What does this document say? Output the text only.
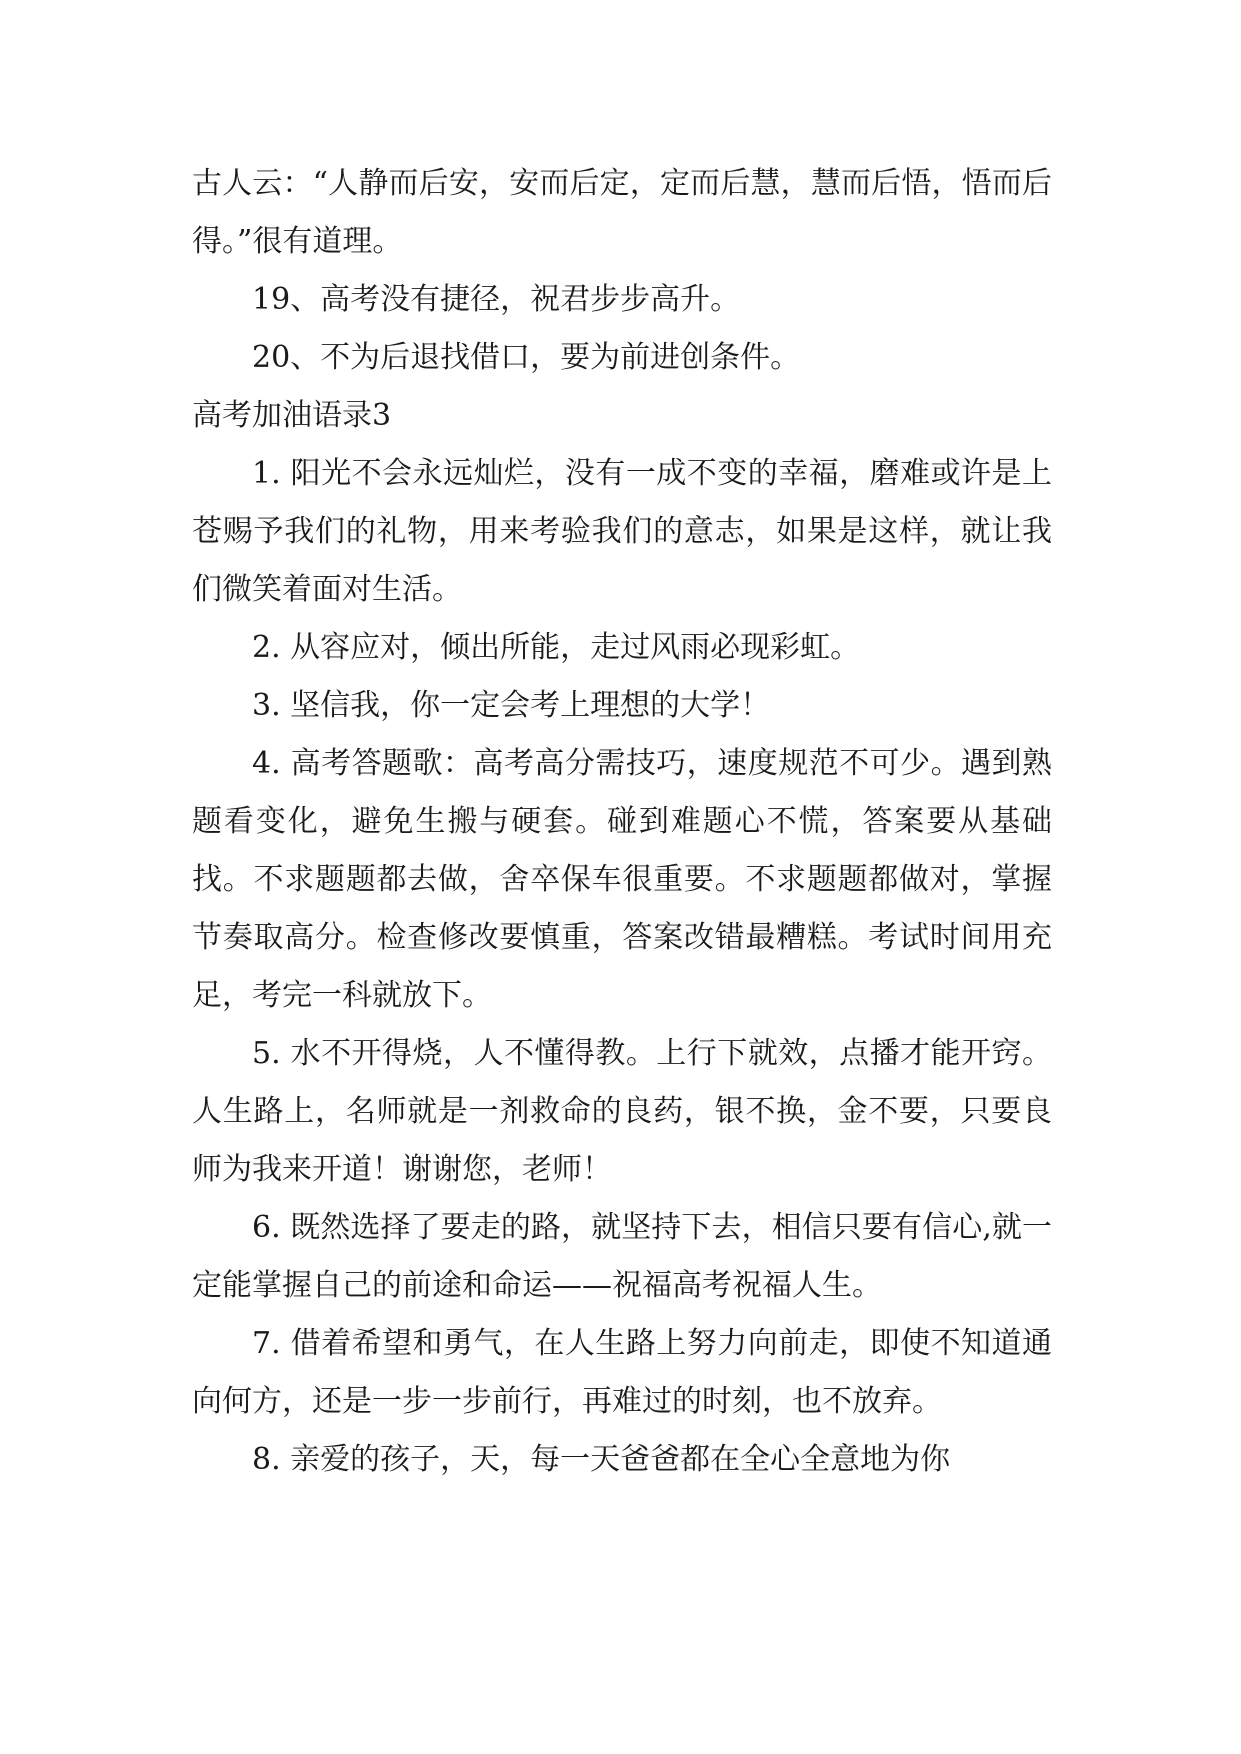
古人云：“人静而后安，安而后定，定而后慧，慧而后悟，悟而后得。”很有道理。

19、高考没有捷径，祝君步步高升。

20、不为后退找借口，要为前进创条件。

高考加油语录3

1. 阳光不会永远灿烂，没有一成不变的幸福，磨难或许是上苍赐予我们的礼物，用来考验我们的意志，如果是这样，就让我们微笑着面对生活。

2. 从容应对，倾出所能，走过风雨必现彩虹。

3. 坚信我，你一定会考上理想的大学！

4. 高考答题歌：高考高分需技巧，速度规范不可少。遇到熟题看变化，避免生搬与硬套。碰到难题心不慌，答案要从基础找。不求题题都去做，舍卒保车很重要。不求题题都做对，掌握节奏取高分。检查修改要慎重，答案改错最糟糕。考试时间用充足，考完一科就放下。

5. 水不开得烧，人不懂得教。上行下就效，点播才能开窍。人生路上，名师就是一剂救命的良药，银不换，金不要，只要良师为我来开道！谢谢您，老师！

6. 既然选择了要走的路，就坚持下去，相信只要有信心,就一定能掌握自己的前途和命运——祝福高考祝福人生。

7. 借着希望和勇气，在人生路上努力向前走，即使不知道通向何方，还是一步一步前行，再难过的时刻，也不放弃。

8. 亲爱的孩子，天，每一天爸爸都在全心全意地为你
